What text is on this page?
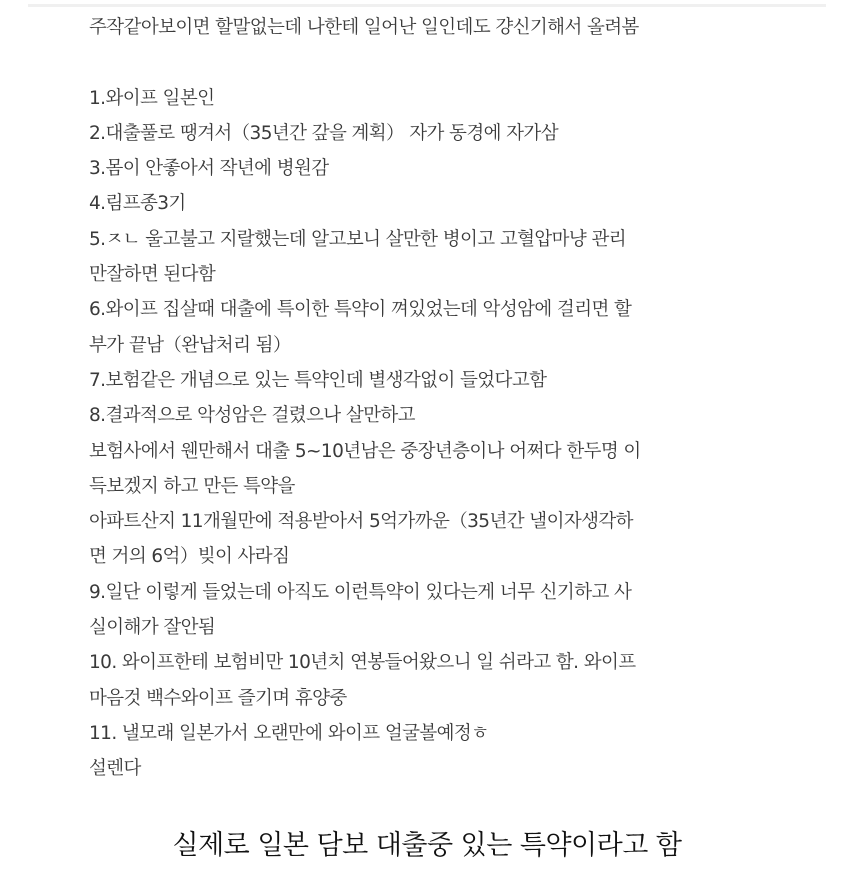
주작같아보이면 할말없는데 나한테 일어난 일인데도 걍신기해서 올려봄
1.와이프 일본인
2.대출풀로 땡겨서（35년간 갚을 계획） 자가 동경에 자가삼
3.몸이 안좋아서 작년에 병원감
4.림프종3기
5.ㅈㄴ 울고불고 지랄했는데 알고보니 살만한 병이고 고혈압마냥 관리
만잘하면 된다함
6.와이프 집살때 대출에 특이한 특약이 껴있었는데 악성암에 걸리면 할
부가 끝남（완납처리 됨）
7.보험같은 개념으로 있는 특약인데 별생각없이 들었다고함
8.결과적으로 악성암은 걸렸으나 살만하고
보험사에서 웬만해서 대출 5~10년남은 중장년층이나 어쩌다 한두명 이
득보겠지 하고 만든 특약을
아파트산지 11개월만에 적용받아서 5억가까운（35년간 낼이자생각하
면 거의 6억）빚이 사라짐
9.일단 이렇게 들었는데 아직도 이런특약이 있다는게 너무 신기하고 사
실이해가 잘안됨
10. 와이프한테 보험비만 10년치 연봉들어왔으니 일 쉬라고 함. 와이프
마음것 백수와이프 즐기며 휴양중
11. 낼모래 일본가서 오랜만에 와이프 얼굴볼예정ㅎ
설렌다
실제로 일본 담보 대출중 있는 특약이라고 함
